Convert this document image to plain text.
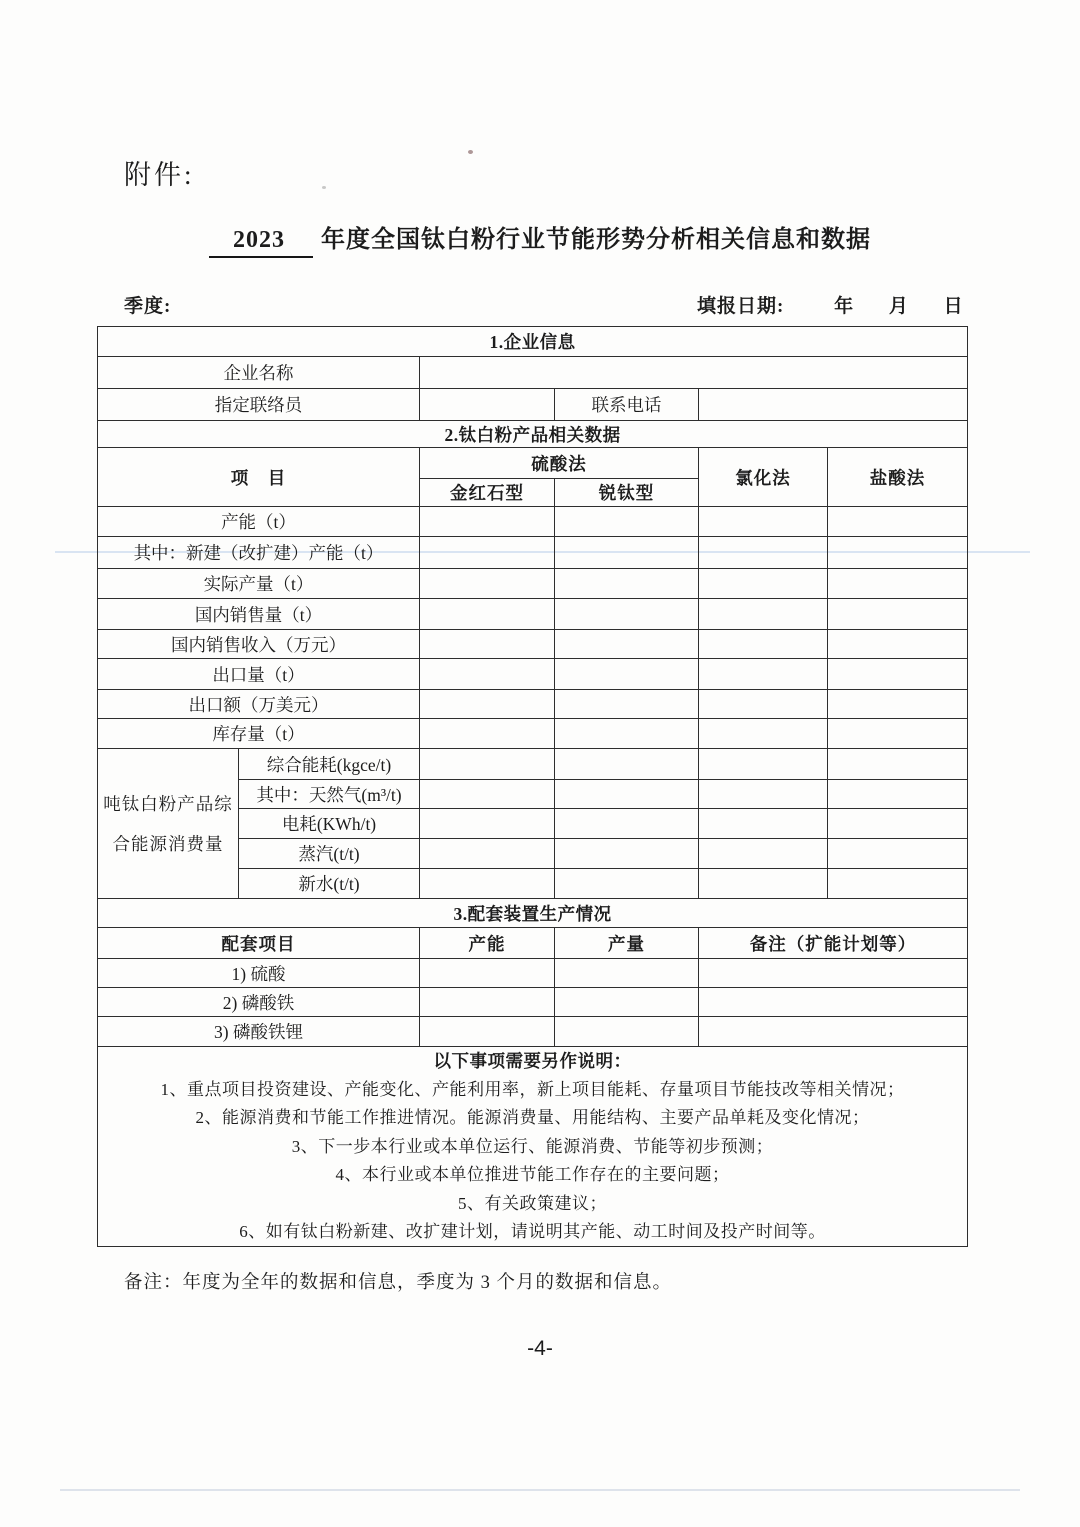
附件:
2023 年度全国钛白粉行业节能形势分析相关信息和数据
季度:	填报日期:	年 月 日
1.企业信息					
企业名称					
指定联络员			联系电话		
2.钛白粉产品相关数据					
项　目		硫酸法		氯化法	盐酸法
		金红石型	锐钛型		
产能（t）					
其中：新建（改扩建）产能（t）					
实际产量（t）					
国内销售量（t）					
国内销售收入（万元）					
出口量（t）					
出口额（万美元）					
库存量（t）					
吨钛白粉产品综
合能源消费量	综合能耗(kgce/t)				
	其中：天然气(m³/t)				
	电耗(KWh/t)				
	蒸汽(t/t)				
	新水(t/t)				
3.配套装置生产情况					
配套项目		产能	产量	备注（扩能计划等）	
1) 硫酸					
2) 磷酸铁					
3) 磷酸铁锂					

以下事项需要另作说明：
1、重点项目投资建设、产能变化、产能利用率，新上项目能耗、存量项目节能技改等相关情况；
2、能源消费和节能工作推进情况。能源消费量、用能结构、主要产品单耗及变化情况；
3、下一步本行业或本单位运行、能源消费、节能等初步预测；
4、本行业或本单位推进节能工作存在的主要问题；
5、有关政策建议；
6、如有钛白粉新建、改扩建计划，请说明其产能、动工时间及投产时间等。
备注：年度为全年的数据和信息，季度为 3 个月的数据和信息。
-4-
